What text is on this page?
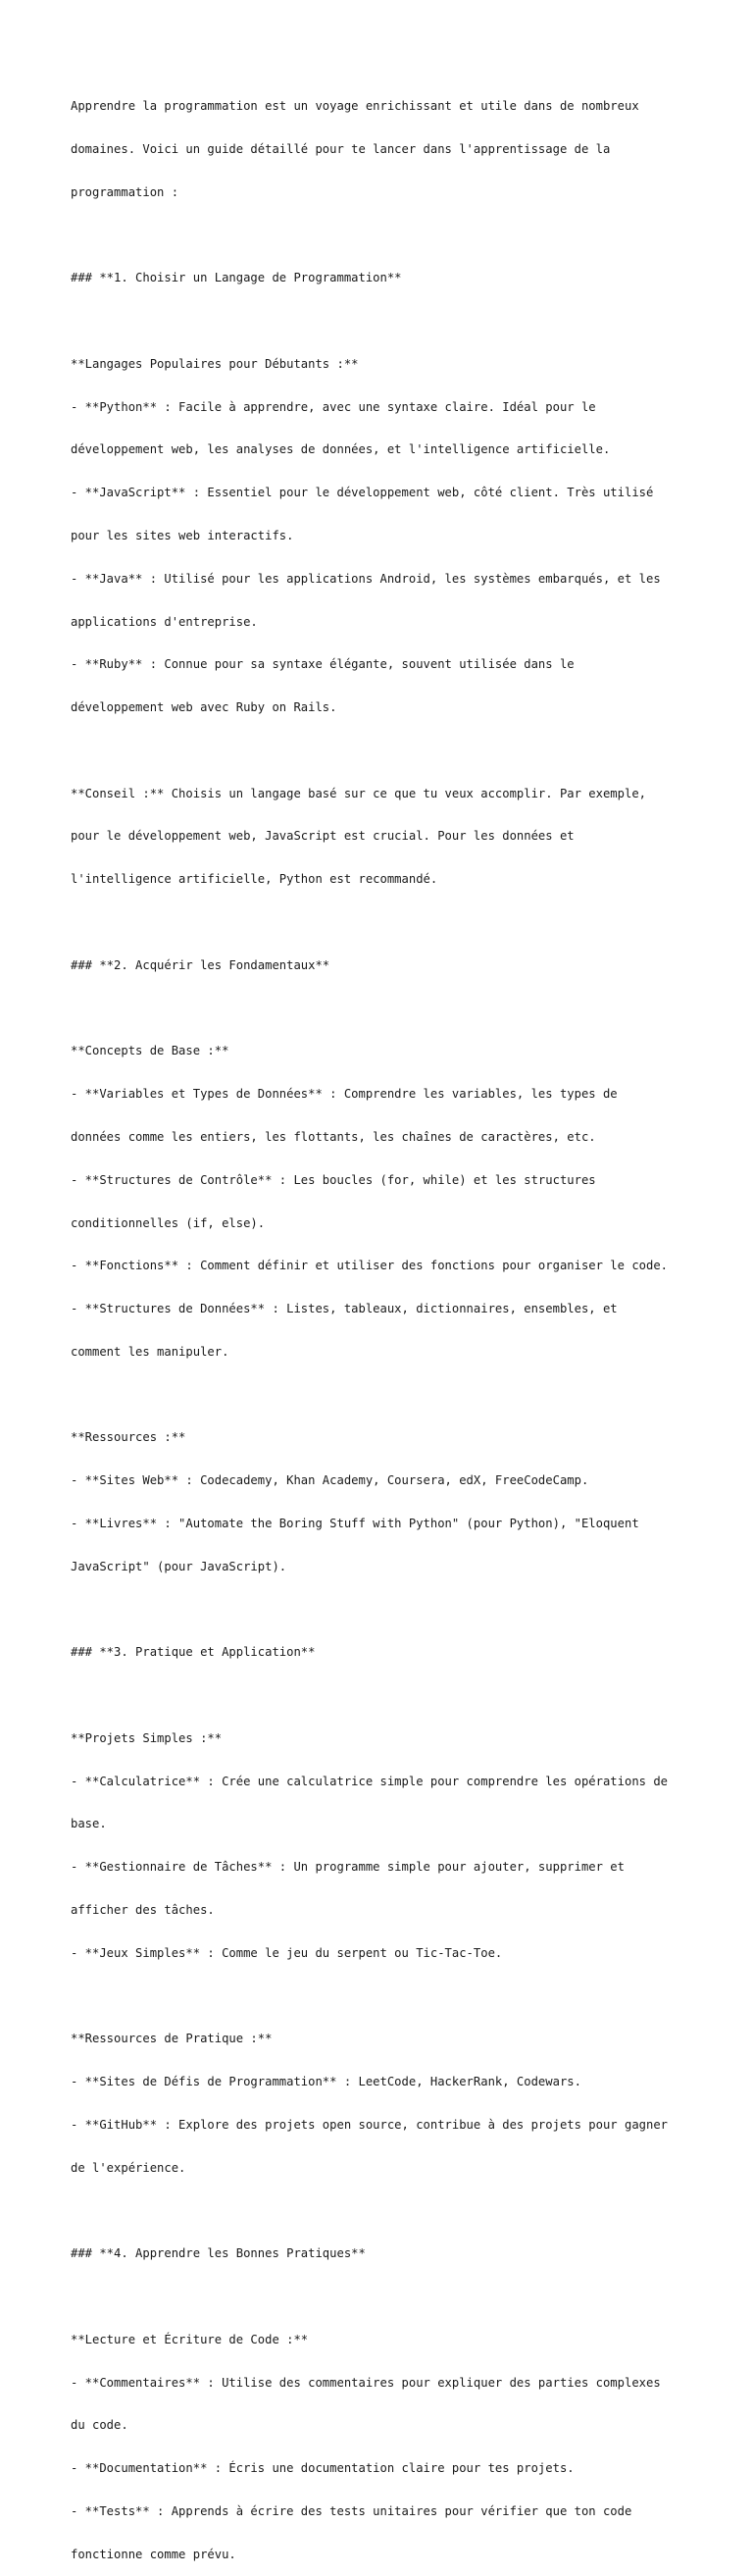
Apprendre la programmation est un voyage enrichissant et utile dans de nombreux

domaines. Voici un guide détaillé pour te lancer dans l'apprentissage de la

programmation :

### **1. Choisir un Langage de Programmation**

**Langages Populaires pour Débutants :**

- **Python** : Facile à apprendre, avec une syntaxe claire. Idéal pour le

développement web, les analyses de données, et l'intelligence artificielle.

- **JavaScript** : Essentiel pour le développement web, côté client. Très utilisé

pour les sites web interactifs.

- **Java** : Utilisé pour les applications Android, les systèmes embarqués, et les

applications d'entreprise.

- **Ruby** : Connue pour sa syntaxe élégante, souvent utilisée dans le

développement web avec Ruby on Rails.

**Conseil :** Choisis un langage basé sur ce que tu veux accomplir. Par exemple,

pour le développement web, JavaScript est crucial. Pour les données et

l'intelligence artificielle, Python est recommandé.

### **2. Acquérir les Fondamentaux**

**Concepts de Base :**

- **Variables et Types de Données** : Comprendre les variables, les types de

données comme les entiers, les flottants, les chaînes de caractères, etc.

- **Structures de Contrôle** : Les boucles (for, while) et les structures

conditionnelles (if, else).

- **Fonctions** : Comment définir et utiliser des fonctions pour organiser le code.

- **Structures de Données** : Listes, tableaux, dictionnaires, ensembles, et

comment les manipuler.

**Ressources :**

- **Sites Web** : Codecademy, Khan Academy, Coursera, edX, FreeCodeCamp.

- **Livres** : "Automate the Boring Stuff with Python" (pour Python), "Eloquent

JavaScript" (pour JavaScript).

### **3. Pratique et Application**

**Projets Simples :**

- **Calculatrice** : Crée une calculatrice simple pour comprendre les opérations de

base.

- **Gestionnaire de Tâches** : Un programme simple pour ajouter, supprimer et

afficher des tâches.

- **Jeux Simples** : Comme le jeu du serpent ou Tic-Tac-Toe.

**Ressources de Pratique :**

- **Sites de Défis de Programmation** : LeetCode, HackerRank, Codewars.

- **GitHub** : Explore des projets open source, contribue à des projets pour gagner

de l'expérience.

### **4. Apprendre les Bonnes Pratiques**

**Lecture et Écriture de Code :**

- **Commentaires** : Utilise des commentaires pour expliquer des parties complexes

du code.

- **Documentation** : Écris une documentation claire pour tes projets.

- **Tests** : Apprends à écrire des tests unitaires pour vérifier que ton code

fonctionne comme prévu.
